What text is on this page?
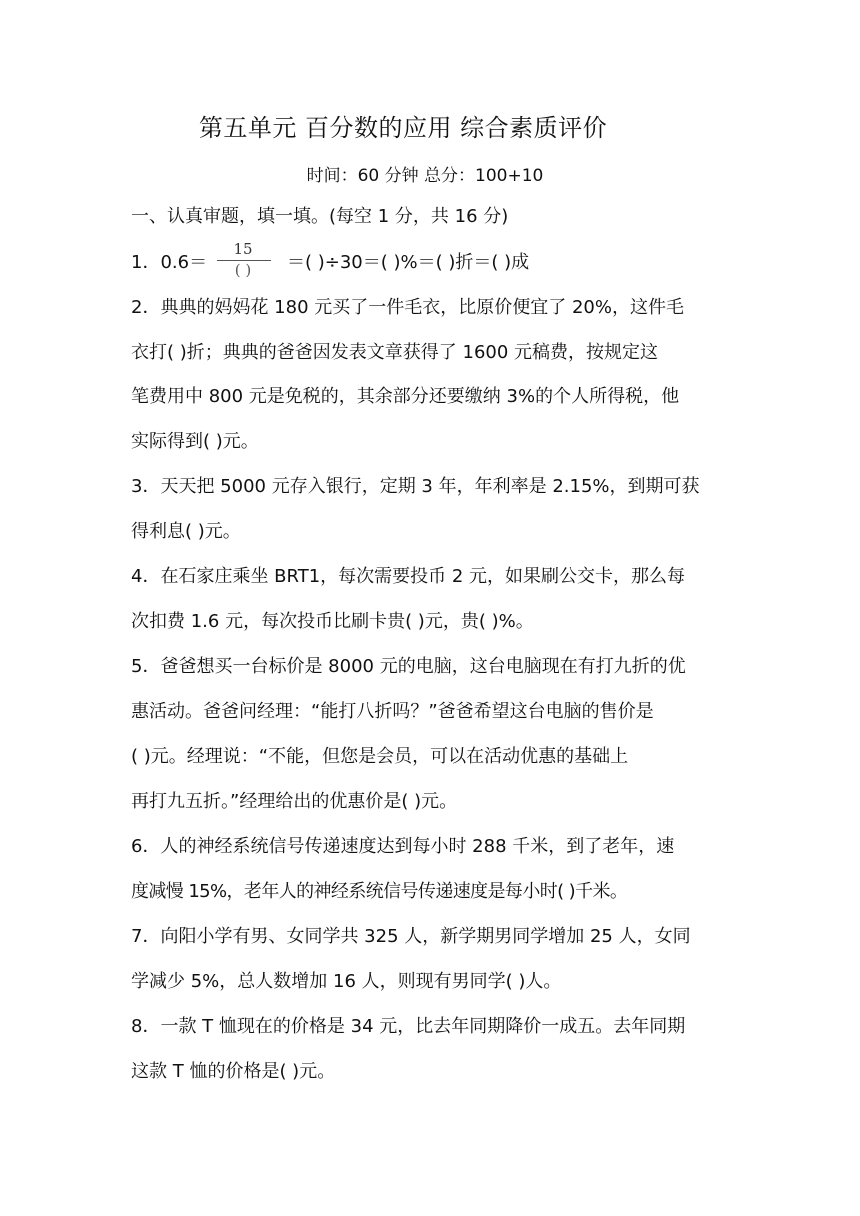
第五单元 百分数的应用 综合素质评价
时间：60 分钟 总分：100+10
一、认真审题，填一填。(每空 1 分，共 16 分)
1．0.6＝
15
( )	＝( )÷30＝( )%＝( )折＝( )成
2．典典的妈妈花 180 元买了一件毛衣，比原价便宜了 20%，这件毛
衣打( )折；典典的爸爸因发表文章获得了 1600 元稿费，按规定这
笔费用中 800 元是免税的，其余部分还要缴纳 3%的个人所得税，他
实际得到( )元。
3．天天把 5000 元存入银行，定期 3 年，年利率是 2.15%，到期可获
得利息( )元。
4．在石家庄乘坐 BRT1，每次需要投币 2 元，如果刷公交卡，那么每
次扣费 1.6 元，每次投币比刷卡贵( )元，贵( )%。
5．爸爸想买一台标价是 8000 元的电脑，这台电脑现在有打九折的优
惠活动。爸爸问经理：“能打八折吗？”爸爸希望这台电脑的售价是
( )元。经理说：“不能，但您是会员，可以在活动优惠的基础上
再打九五折。”经理给出的优惠价是( )元。
6．人的神经系统信号传递速度达到每小时 288 千米，到了老年，速
度减慢 15%，老年人的神经系统信号传递速度是每小时( )千米。
7．向阳小学有男、女同学共 325 人，新学期男同学增加 25 人，女同
学减少 5%，总人数增加 16 人，则现有男同学( )人。
8．一款 T 恤现在的价格是 34 元，比去年同期降价一成五。去年同期
这款 T 恤的价格是( )元。
